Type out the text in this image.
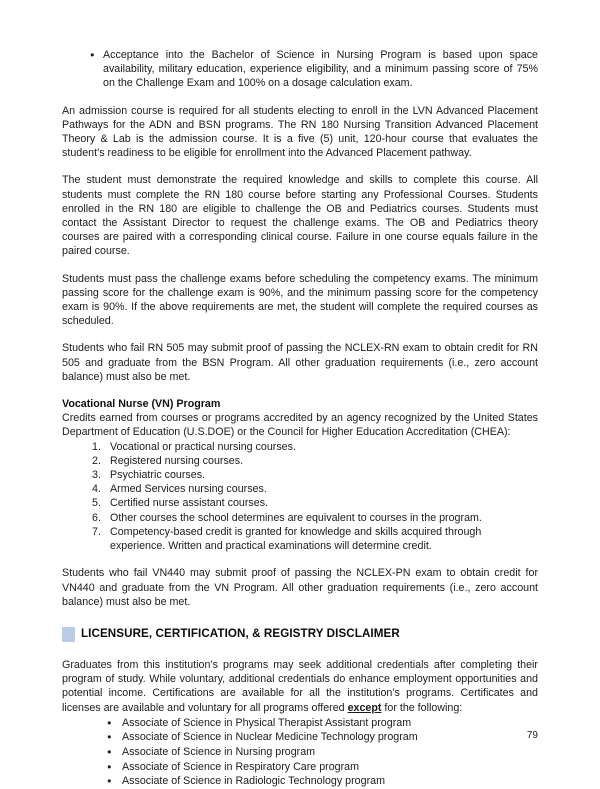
● Acceptance into the Bachelor of Science in Nursing Program is based upon space availability, military education, experience eligibility, and a minimum passing score of 75% on the Challenge Exam and 100% on a dosage calculation exam.

An admission course is required for all students electing to enroll in the LVN Advanced Placement Pathways for the ADN and BSN programs. The RN 180 Nursing Transition Advanced Placement Theory & Lab is the admission course. It is a five (5) unit, 120-hour course that evaluates the student’s readiness to be eligible for enrollment into the Advanced Placement pathway.

The student must demonstrate the required knowledge and skills to complete this course. All students must complete the RN 180 course before starting any Professional Courses. Students enrolled in the RN 180 are eligible to challenge the OB and Pediatrics courses. Students must contact the Assistant Director to request the challenge exams. The OB and Pediatrics theory courses are paired with a corresponding clinical course. Failure in one course equals failure in the paired course.

Students must pass the challenge exams before scheduling the competency exams. The minimum passing score for the challenge exam is 90%, and the minimum passing score for the competency exam is 90%. If the above requirements are met, the student will complete the required courses as scheduled.

Students who fail RN 505 may submit proof of passing the NCLEX-RN exam to obtain credit for RN 505 and graduate from the BSN Program. All other graduation requirements (i.e., zero account balance) must also be met.

Vocational Nurse (VN) Program

Credits earned from courses or programs accredited by an agency recognized by the United States Department of Education (U.S.DOE) or the Council for Higher Education Accreditation (CHEA):

1. Vocational or practical nursing courses.
2. Registered nursing courses.
3. Psychiatric courses.
4. Armed Services nursing courses.
5. Certified nurse assistant courses.
6. Other courses the school determines are equivalent to courses in the program.
7. Competency-based credit is granted for knowledge and skills acquired through experience. Written and practical examinations will determine credit.

Students who fail VN440 may submit proof of passing the NCLEX-PN exam to obtain credit for VN440 and graduate from the VN Program. All other graduation requirements (i.e., zero account balance) must also be met.

LICENSURE, CERTIFICATION, & REGISTRY DISCLAIMER

Graduates from this institution’s programs may seek additional credentials after completing their program of study. While voluntary, additional credentials do enhance employment opportunities and potential income. Certifications are available for all the institution’s programs. Certificates and licenses are available and voluntary for all programs offered except for the following:

● Associate of Science in Physical Therapist Assistant program
● Associate of Science in Nuclear Medicine Technology program
● Associate of Science in Nursing program
● Associate of Science in Respiratory Care program
● Associate of Science in Radiologic Technology program
79
